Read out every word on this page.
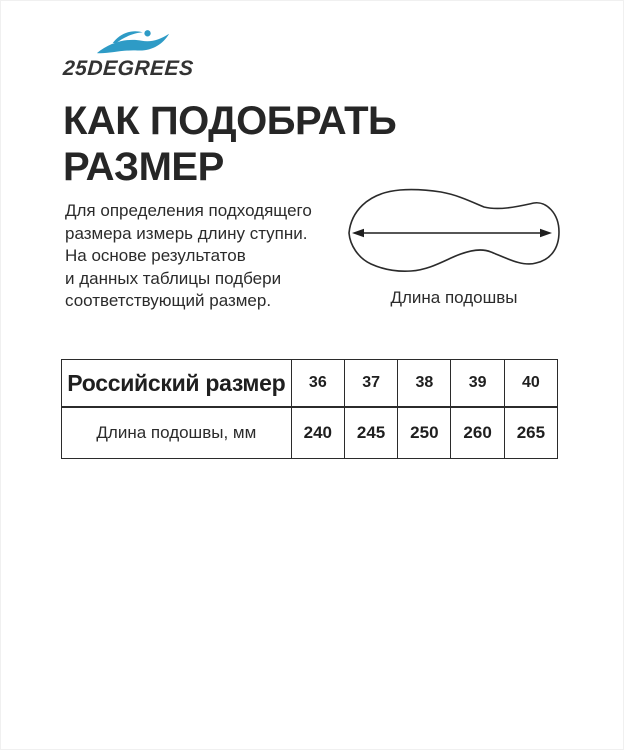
25DEGREES
КАК ПОДОБРАТЬ
РАЗМЕР
Для определения подходящего
размера измерь длину ступни.
На основе результатов
и данных таблицы подбери
соответствующий размер.	Длина подошвы
Российский размер	36	37	38	39	40
Длина подошвы, мм	240	245	250	260	265
